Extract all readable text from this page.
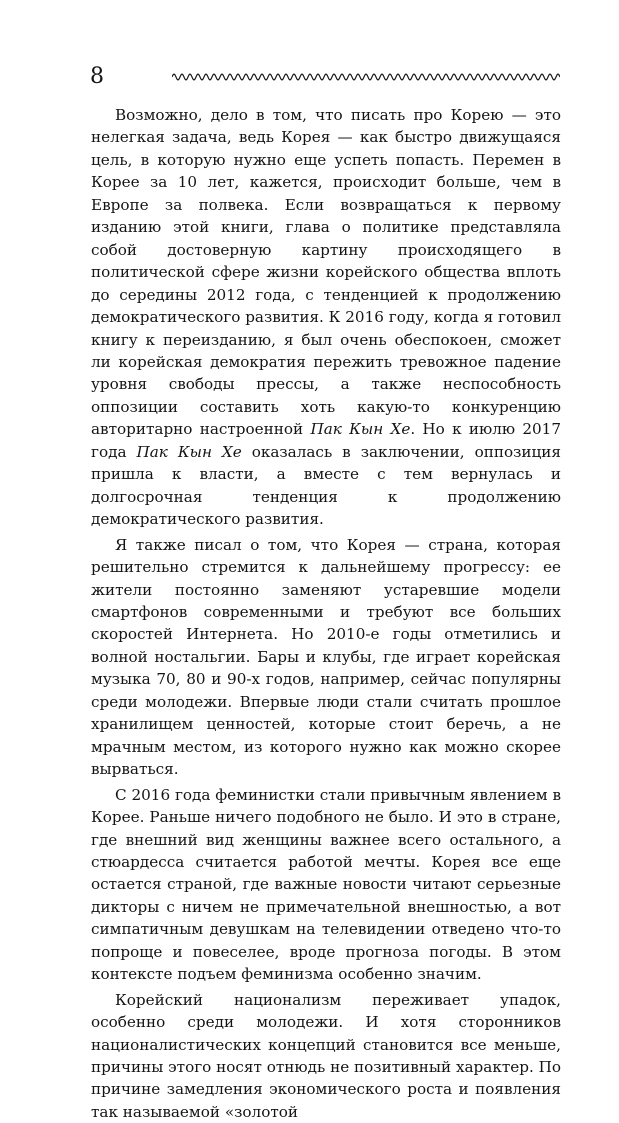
8

Возможно, дело в том, что писать про Корею — это нелегкая задача, ведь Корея — как быстро движущаяся цель, в которую нужно еще успеть попасть. Перемен в Корее за 10 лет, кажется, происходит больше, чем в Европе за полвека. Если возвращаться к первому изданию этой книги, глава о политике представляла собой достоверную картину происходящего в политической сфере жизни корейского общества вплоть до середины 2012 года, с тенденцией к продолжению демократического развития. К 2016 году, когда я готовил книгу к переизданию, я был очень обеспокоен, сможет ли корейская демократия пережить тревожное падение уровня свободы прессы, а также неспособность оппозиции составить хоть какую-то конкуренцию авторитарно настроенной Пак Кын Хе. Но к июлю 2017 года Пак Кын Хе оказалась в заключении, оппозиция пришла к власти, а вместе с тем вернулась и долгосрочная тенденция к продолжению демократического развития.

Я также писал о том, что Корея — страна, которая решительно стремится к дальнейшему прогрессу: ее жители постоянно заменяют устаревшие модели смартфонов современными и требуют все больших скоростей Интернета. Но 2010-е годы отметились и волной ностальгии. Бары и клубы, где играет корейская музыка 70, 80 и 90-х годов, например, сейчас популярны среди молодежи. Впервые люди стали считать прошлое хранилищем ценностей, которые стоит беречь, а не мрачным местом, из которого нужно как можно скорее вырваться.

С 2016 года феминистки стали привычным явлением в Корее. Раньше ничего подобного не было. И это в стране, где внешний вид женщины важнее всего остального, а стюардесса считается работой мечты. Корея все еще остается страной, где важные новости читают серьезные дикторы с ничем не примечательной внешностью, а вот симпатичным девушкам на телевидении отведено что-то попроще и повеселее, вроде прогноза погоды. В этом контексте подъем феминизма особенно значим.

Корейский национализм переживает упадок, особенно среди молодежи. И хотя сторонников националистических концепций становится все меньше, причины этого носят отнюдь не позитивный характер. По причине замедления экономического роста и появления так называемой «золотой
